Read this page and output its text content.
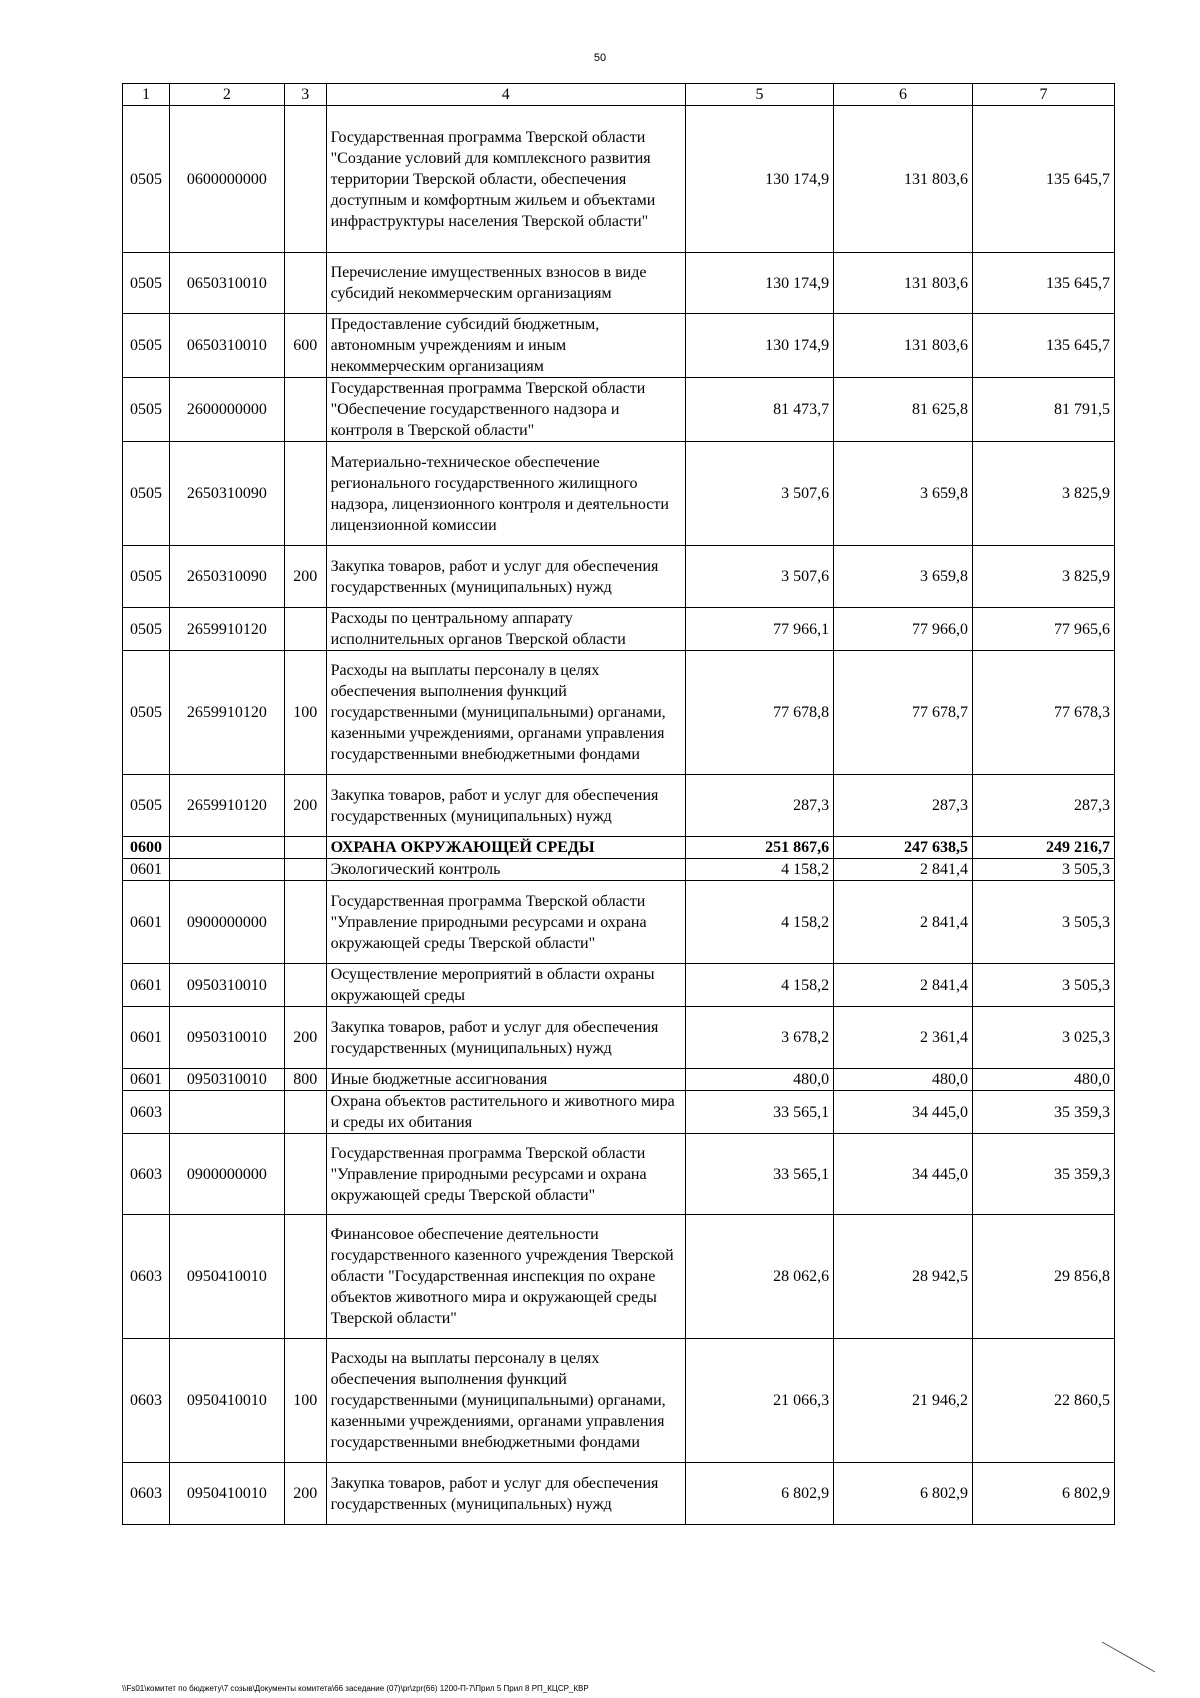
50
1	2	3	4	5	6	7
0505	0600000000		Государственная программа Тверской области "Создание условий для комплексного развития территории Тверской области, обеспечения доступным и комфортным жильем и объектами инфраструктуры населения Тверской области"	130 174,9	131 803,6	135 645,7
0505	0650310010		Перечисление имущественных взносов в виде субсидий некоммерческим организациям	130 174,9	131 803,6	135 645,7
0505	0650310010	600	Предоставление субсидий бюджетным, автономным учреждениям и иным некоммерческим организациям	130 174,9	131 803,6	135 645,7
0505	2600000000		Государственная программа Тверской области "Обеспечение государственного надзора и контроля в Тверской области"	81 473,7	81 625,8	81 791,5
0505	2650310090		Материально-техническое обеспечение регионального государственного жилищного надзора, лицензионного контроля и деятельности лицензионной комиссии	3 507,6	3 659,8	3 825,9
0505	2650310090	200	Закупка товаров, работ и услуг для обеспечения государственных (муниципальных) нужд	3 507,6	3 659,8	3 825,9
0505	2659910120		Расходы по центральному аппарату исполнительных органов Тверской области	77 966,1	77 966,0	77 965,6
0505	2659910120	100	Расходы на выплаты персоналу в целях обеспечения выполнения функций государственными (муниципальными) органами, казенными учреждениями, органами управления государственными внебюджетными фондами	77 678,8	77 678,7	77 678,3
0505	2659910120	200	Закупка товаров, работ и услуг для обеспечения государственных (муниципальных) нужд	287,3	287,3	287,3
0600			ОХРАНА ОКРУЖАЮЩЕЙ СРЕДЫ	251 867,6	247 638,5	249 216,7
0601			Экологический контроль	4 158,2	2 841,4	3 505,3
0601	0900000000		Государственная программа Тверской области "Управление природными ресурсами и охрана окружающей среды Тверской области"	4 158,2	2 841,4	3 505,3
0601	0950310010		Осуществление мероприятий в области охраны окружающей среды	4 158,2	2 841,4	3 505,3
0601	0950310010	200	Закупка товаров, работ и услуг для обеспечения государственных (муниципальных) нужд	3 678,2	2 361,4	3 025,3
0601	0950310010	800	Иные бюджетные ассигнования	480,0	480,0	480,0
0603			Охрана объектов растительного и животного мира и среды их обитания	33 565,1	34 445,0	35 359,3
0603	0900000000		Государственная программа Тверской области "Управление природными ресурсами и охрана окружающей среды Тверской области"	33 565,1	34 445,0	35 359,3
0603	0950410010		Финансовое обеспечение деятельности государственного казенного учреждения Тверской области "Государственная инспекция по охране объектов животного мира и окружающей среды Тверской области"	28 062,6	28 942,5	29 856,8
0603	0950410010	100	Расходы на выплаты персоналу в целях обеспечения выполнения функций государственными (муниципальными) органами, казенными учреждениями, органами управления государственными внебюджетными фондами	21 066,3	21 946,2	22 860,5
0603	0950410010	200	Закупка товаров, работ и услуг для обеспечения государственных (муниципальных) нужд	6 802,9	6 802,9	6 802,9
\\Fs01\комитет по бюджету\7 созыв\Документы комитета\66 заседание (07)\pr\zpr(66) 1200-П-7\Прил 5 Прил 8 РП_КЦСР_КВР
